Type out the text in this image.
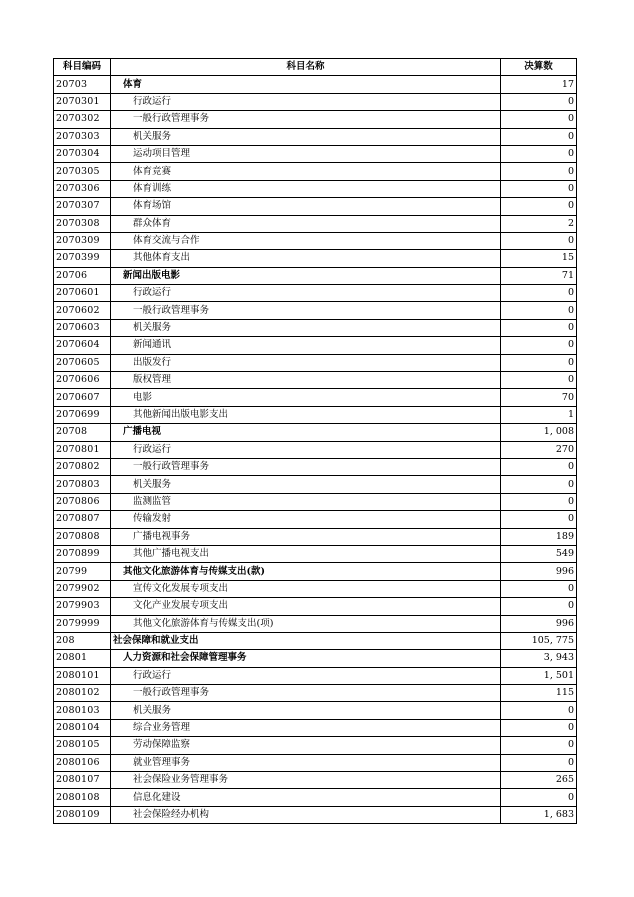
科目编码	科目名称	决算数
20703	体育	17
2070301	行政运行	0
2070302	一般行政管理事务	0
2070303	机关服务	0
2070304	运动项目管理	0
2070305	体育竞赛	0
2070306	体育训练	0
2070307	体育场馆	0
2070308	群众体育	2
2070309	体育交流与合作	0
2070399	其他体育支出	15
20706	新闻出版电影	71
2070601	行政运行	0
2070602	一般行政管理事务	0
2070603	机关服务	0
2070604	新闻通讯	0
2070605	出版发行	0
2070606	版权管理	0
2070607	电影	70
2070699	其他新闻出版电影支出	1
20708	广播电视	1, 008
2070801	行政运行	270
2070802	一般行政管理事务	0
2070803	机关服务	0
2070806	监测监管	0
2070807	传输发射	0
2070808	广播电视事务	189
2070899	其他广播电视支出	549
20799	其他文化旅游体育与传媒支出(款)	996
2079902	宣传文化发展专项支出	0
2079903	文化产业发展专项支出	0
2079999	其他文化旅游体育与传媒支出(项)	996
208	社会保障和就业支出	105, 775
20801	人力资源和社会保障管理事务	3, 943
2080101	行政运行	1, 501
2080102	一般行政管理事务	115
2080103	机关服务	0
2080104	综合业务管理	0
2080105	劳动保障监察	0
2080106	就业管理事务	0
2080107	社会保险业务管理事务	265
2080108	信息化建设	0
2080109	社会保险经办机构	1, 683
